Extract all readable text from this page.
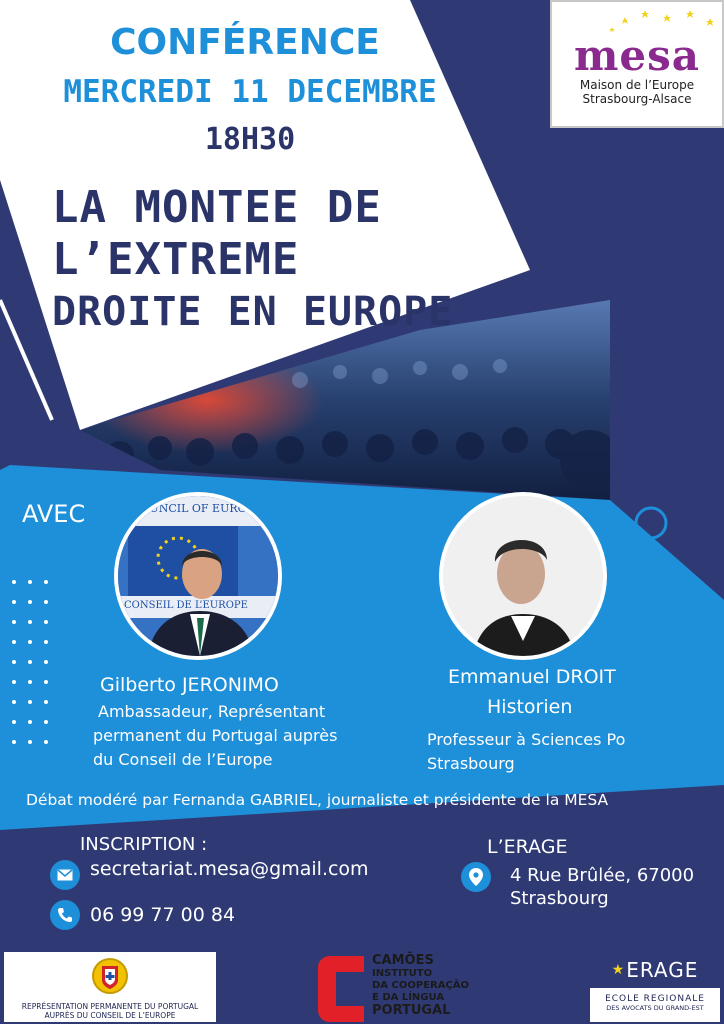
CONFÉRENCE
MERCREDI 11 DECEMBRE
18H30
LA MONTEE DE
L’EXTREME
DROITE EN EUROPE
mesa
Maison de l’Europe
Strasbourg-Alsace
AVEC	COUNCIL OF EUROPE
CONSEIL DE L’EUROPE
Gilberto JERONIMO
Ambassadeur, Représentant
permanent du Portugal auprès
du Conseil de l’Europe
Emmanuel DROIT
Historien
Professeur à Sciences Po
Strasbourg
Débat modéré par Fernanda GABRIEL, journaliste et présidente de la MESA
INSCRIPTION :
secretariat.mesa@gmail.com
06 99 77 00 84
L’ERAGE
4 Rue Brûlée, 67000
Strasbourg
REPRÉSENTATION PERMANENTE DU PORTUGAL
AUPRÈS DU CONSEIL DE L’EUROPE
CAMÕES
INSTITUTO
DA COOPERAÇÃO
E DA LÍNGUA
PORTUGAL
★ ERAGE
ECOLE REGIONALE
DES AVOCATS DU GRAND-EST
